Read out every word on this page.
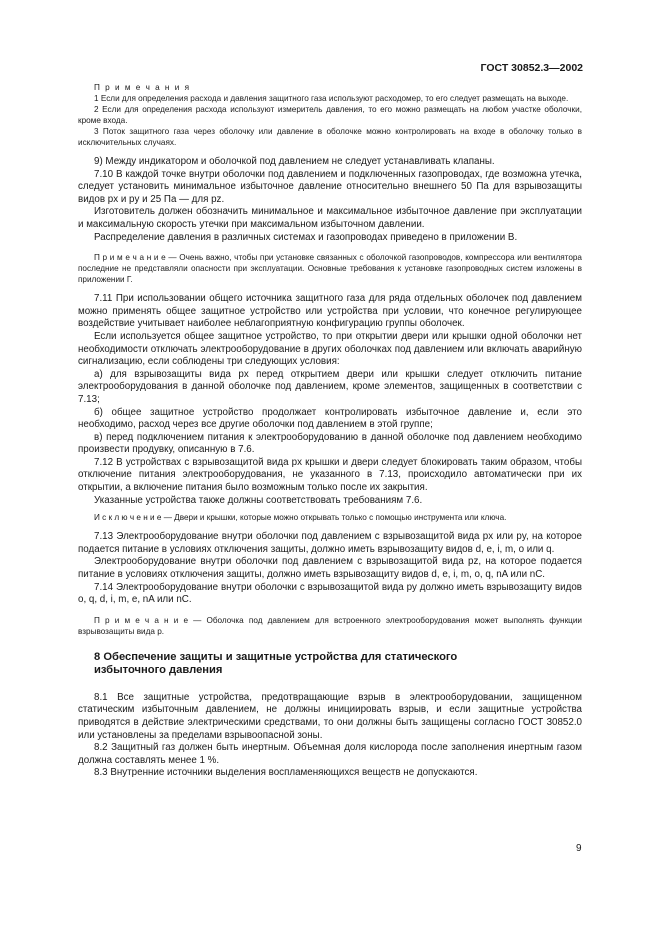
ГОСТ 30852.3—2002

П р и м е ч а н и я

1 Если для определения расхода и давления защитного газа используют расходомер, то его следует размещать на выходе.

2 Если для определения расхода используют измеритель давления, то его можно размещать на любом участке оболочки, кроме входа.

3 Поток защитного газа через оболочку или давление в оболочке можно контролировать на входе в оболочку только в исключительных случаях.

9) Между индикатором и оболочкой под давлением не следует устанавливать клапаны.

7.10 В каждой точке внутри оболочки под давлением и подключенных газопроводах, где возможна утечка, следует установить минимальное избыточное давление относительно внешнего 50 Па для взрывозащиты видов px и py и 25 Па — для pz.

Изготовитель должен обозначить минимальное и максимальное избыточное давление при эксплуатации и максимальную скорость утечки при максимальном избыточном давлении.

Распределение давления в различных системах и газопроводах приведено в приложении В.

П р и м е ч а н и е — Очень важно, чтобы при установке связанных с оболочкой газопроводов, компрессора или вентилятора последние не представляли опасности при эксплуатации. Основные требования к установке газопроводных систем изложены в приложении Г.

7.11 При использовании общего источника защитного газа для ряда отдельных оболочек под давлением можно применять общее защитное устройство или устройства при условии, что конечное регулирующее воздействие учитывает наиболее неблагоприятную конфигурацию группы оболочек.

Если используется общее защитное устройство, то при открытии двери или крышки одной оболочки нет необходимости отключать электрооборудование в других оболочках под давлением или включать аварийную сигнализацию, если соблюдены три следующих условия:

а) для взрывозащиты вида px перед открытием двери или крышки следует отключить питание электрооборудования в данной оболочке под давлением, кроме элементов, защищенных в соответствии с 7.13;

б) общее защитное устройство продолжает контролировать избыточное давление и, если это необходимо, расход через все другие оболочки под давлением в этой группе;

в) перед подключением питания к электрооборудованию в данной оболочке под давлением необходимо произвести продувку, описанную в 7.6.

7.12 В устройствах с взрывозащитой вида px крышки и двери следует блокировать таким образом, чтобы отключение питания электрооборудования, не указанного в 7.13, происходило автоматически при их открытии, а включение питания было возможным только после их закрытия.

Указанные устройства также должны соответствовать требованиям 7.6.

И с к л ю ч е н и е — Двери и крышки, которые можно открывать только с помощью инструмента или ключа.

7.13 Электрооборудование внутри оболочки под давлением с взрывозащитой вида px или py, на которое подается питание в условиях отключения защиты, должно иметь взрывозащиту видов d, e, i, m, o или q.

Электрооборудование внутри оболочки под давлением с взрывозащитой вида pz, на которое подается питание в условиях отключения защиты, должно иметь взрывозащиту видов d, e, i, m, o, q, nA или nC.

7.14 Электрооборудование внутри оболочки с взрывозащитой вида py должно иметь взрывозащиту видов o, q, d, i, m, e, nA или nC.

П р и м е ч а н и е — Оболочка под давлением для встроенного электрооборудования может выполнять функции взрывозащиты вида p.

8 Обеспечение защиты и защитные устройства для статического
избыточного давления

8.1 Все защитные устройства, предотвращающие взрыв в электрооборудовании, защищенном статическим избыточным давлением, не должны инициировать взрыв, и если защитные устройства приводятся в действие электрическими средствами, то они должны быть защищены согласно ГОСТ 30852.0 или установлены за пределами взрывоопасной зоны.

8.2 Защитный газ должен быть инертным. Объемная доля кислорода после заполнения инертным газом должна составлять менее 1 %.

8.3 Внутренние источники выделения воспламеняющихся веществ не допускаются.

9
